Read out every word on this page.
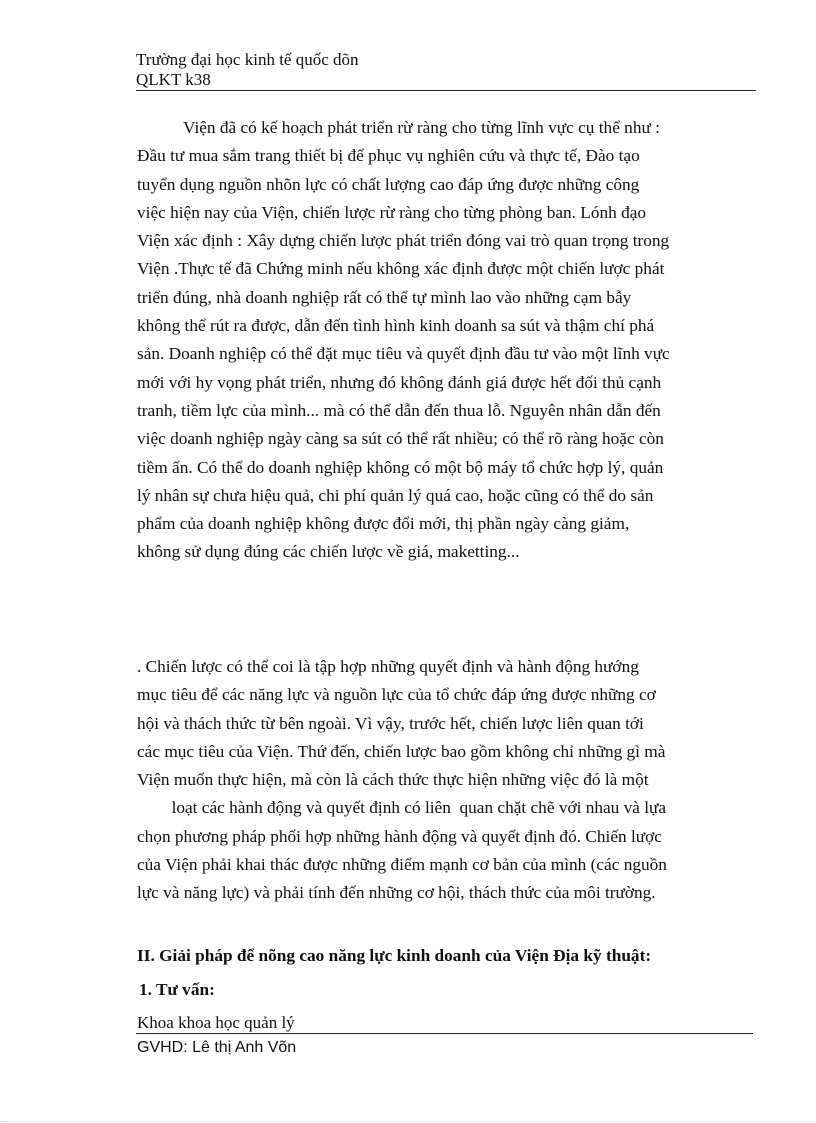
Trường đại học kinh tế quốc dõn
QLKT k38
Viện đã có kế hoạch phát triển rừ ràng cho từng lĩnh vực cụ thể như :
Đầu tư mua sắm trang thiết bị để phục vụ nghiên cứu và thực tế, Đào tạo
tuyển dụng nguồn nhõn lực có chất lượng cao đáp ứng được những công
việc hiện nay của Viện, chiến lược rừ ràng cho từng phòng ban. Lónh đạo
Viện xác định : Xây dựng chiến lược phát triển đóng vai trò quan trọng trong
Viện .Thực tế đã Chứng minh nếu không xác định được một chiến lược phát
triển đúng, nhà doanh nghiệp rất có thể tự mình lao vào những cạm bẫy
không thể rút ra được, dẫn đến tình hình kinh doanh sa sút và thậm chí phá
sản. Doanh nghiệp có thể đặt mục tiêu và quyết định đầu tư vào một lĩnh vực
mới với hy vọng phát triển, nhưng đó không đánh giá được hết đối thủ cạnh
tranh, tiềm lực của mình... mà có thể dẫn đến thua lỗ. Nguyên nhân dẫn đến
việc doanh nghiệp ngày càng sa sút có thể rất nhiều; có thể rõ ràng hoặc còn
tiềm ẩn. Có thể do doanh nghiệp không có một bộ máy tổ chức hợp lý, quản
lý nhân sự chưa hiệu quả, chi phí quản lý quá cao, hoặc cũng có thể do sản
phẩm của doanh nghiệp không được đổi mới, thị phần ngày càng giảm,
không sử dụng đúng các chiến lược về giá, maketting...
. Chiến lược có thể coi là tập hợp những quyết định và hành động hướng
mục tiêu để các năng lực và nguồn lực của tổ chức đáp ứng được những cơ
hội và thách thức từ bên ngoài. Vì vậy, trước hết, chiến lược liên quan tới
các mục tiêu của Viện. Thứ đến, chiến lược bao gồm không chỉ những gì mà
Viện muốn thực hiện, mà còn là cách thức thực hiện những việc đó là một
loạt các hành động và quyết định có liên  quan chặt chẽ với nhau và lựa
chọn phương pháp phối hợp những hành động và quyết định đó. Chiến lược
của Viện phải khai thác được những điểm mạnh cơ bản của mình (các nguồn
lực và năng lực) và phải tính đến những cơ hội, thách thức của môi trường.
II. Giải pháp để nõng cao năng lực kinh doanh của Viện Địa kỹ thuật:
1. Tư vấn:
Khoa khoa học quản lý
GVHD: Lê thị Anh Võn
